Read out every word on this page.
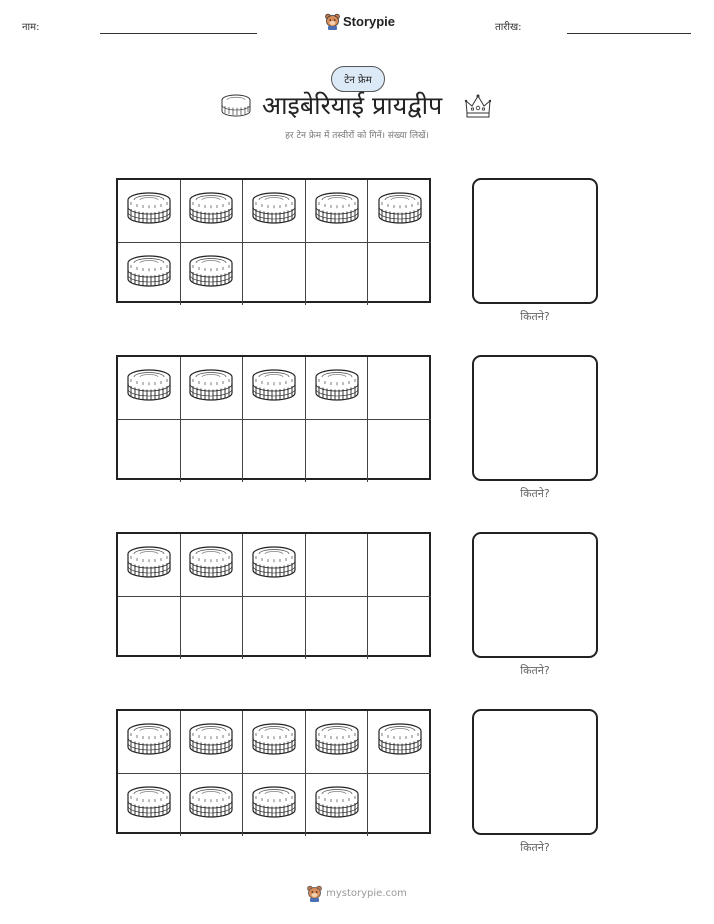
नाम:	Storypie	तारीख:
टेन फ्रेम
आइबेरियाई प्रायद्वीप
हर टेन फ्रेम में तस्वीरों को गिनें। संख्या लिखें।
कितने?
कितने?
कितने?
कितने?
mystorypie.com
